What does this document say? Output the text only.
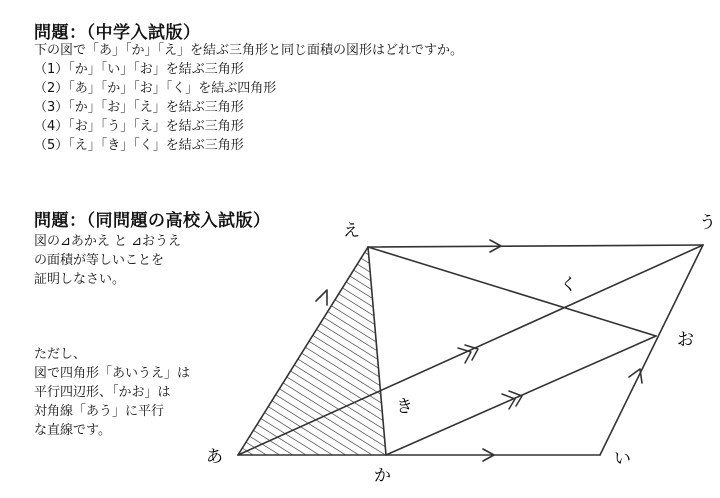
問題：（中学入試版）
下の図で「あ」「か」「え」を結ぶ三角形と同じ面積の図形はどれですか。
（1）「か」「い」「お」を結ぶ三角形
（2）「あ」「か」「お」「く」を結ぶ四角形
（3）「か」「お」「え」を結ぶ三角形
（4）「お」「う」「え」を結ぶ三角形
（5）「え」「き」「く」を結ぶ三角形
問題：（同問題の高校入試版）
図の⊿あかえ と ⊿おうえ
の面積が等しいことを
証明しなさい。
ただし、
図で四角形「あいうえ」は
平行四辺形、「かお」は
対角線「あう」に平行
な直線です。
あ	い
う
え
お
か
き
く
